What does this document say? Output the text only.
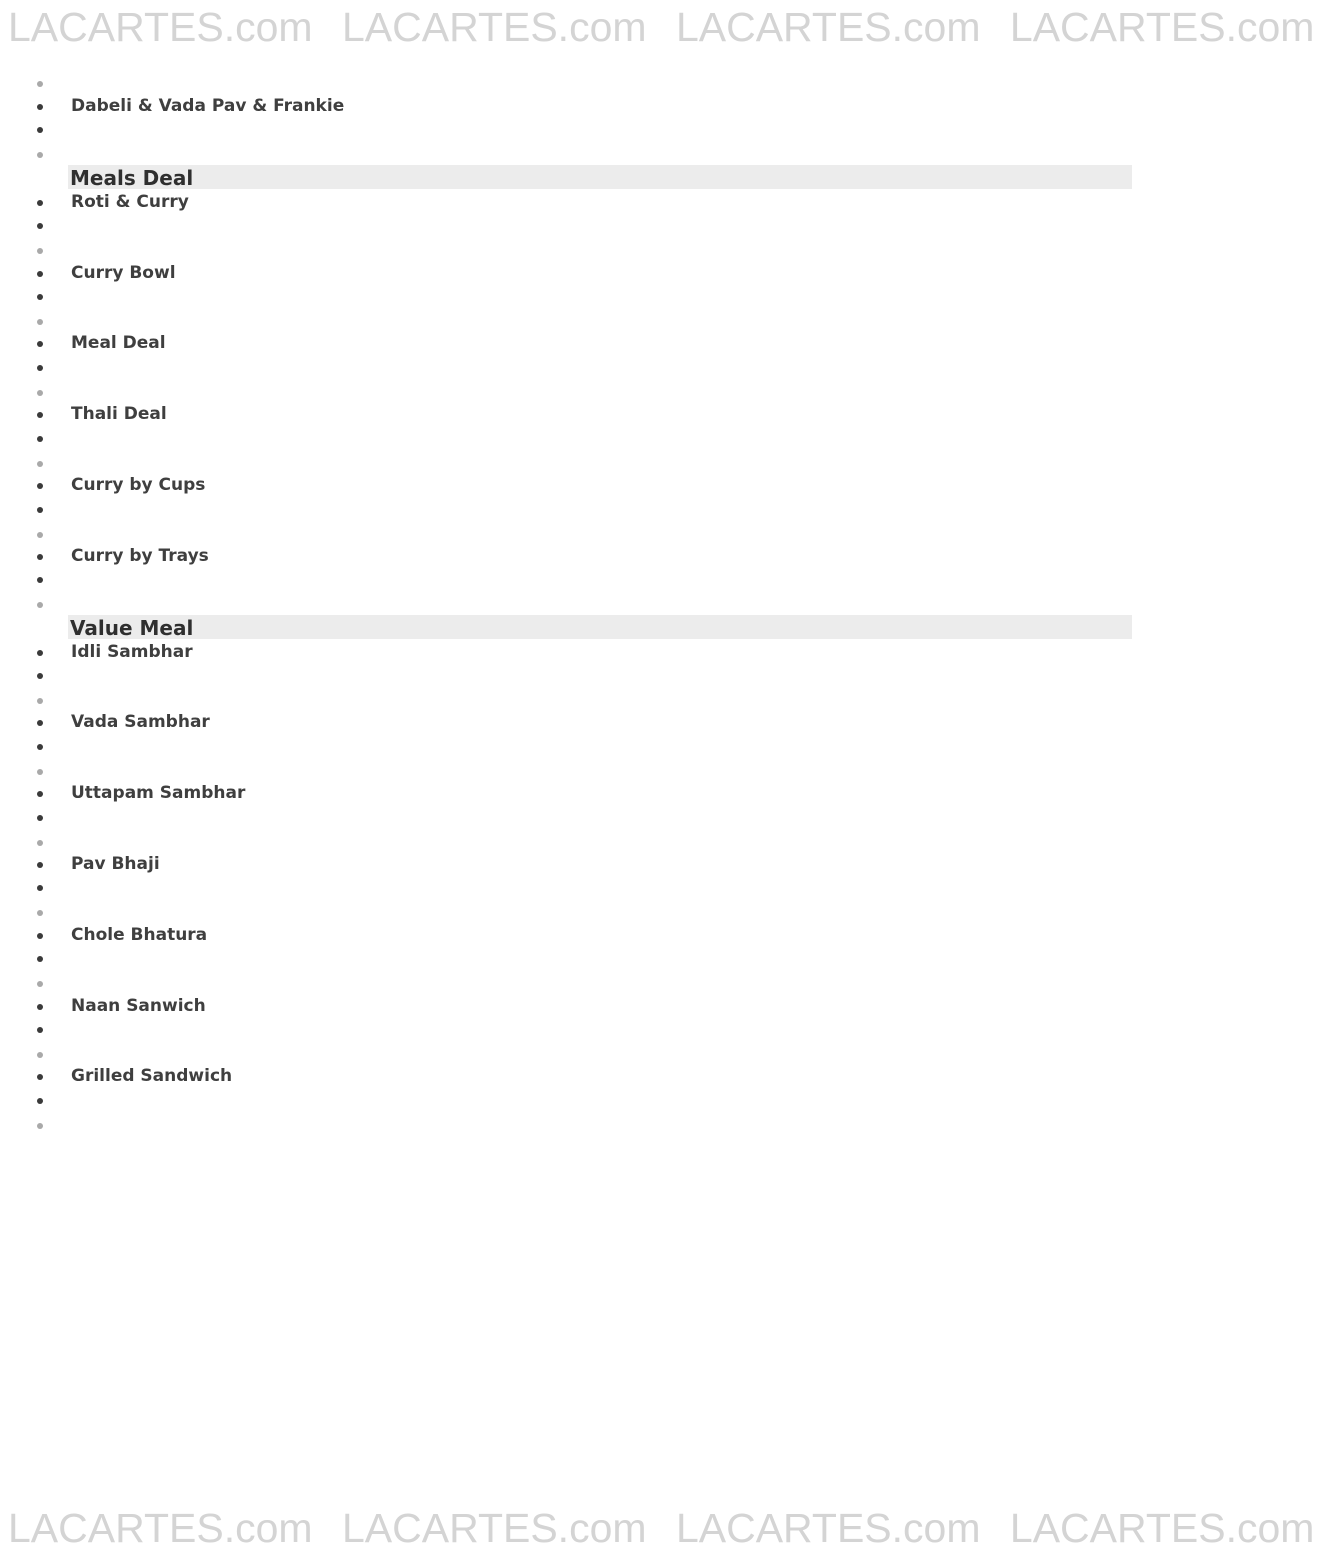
LACARTES.com LACARTES.com LACARTES.com LACARTES.com
Dabeli & Vada Pav & Frankie
Meals Deal
Roti & Curry
Curry Bowl
Meal Deal
Thali Deal
Curry by Cups
Curry by Trays
Value Meal
Idli Sambhar
Vada Sambhar
Uttapam Sambhar
Pav Bhaji
Chole Bhatura
Naan Sanwich
Grilled Sandwich
LACARTES.com LACARTES.com LACARTES.com LACARTES.com
